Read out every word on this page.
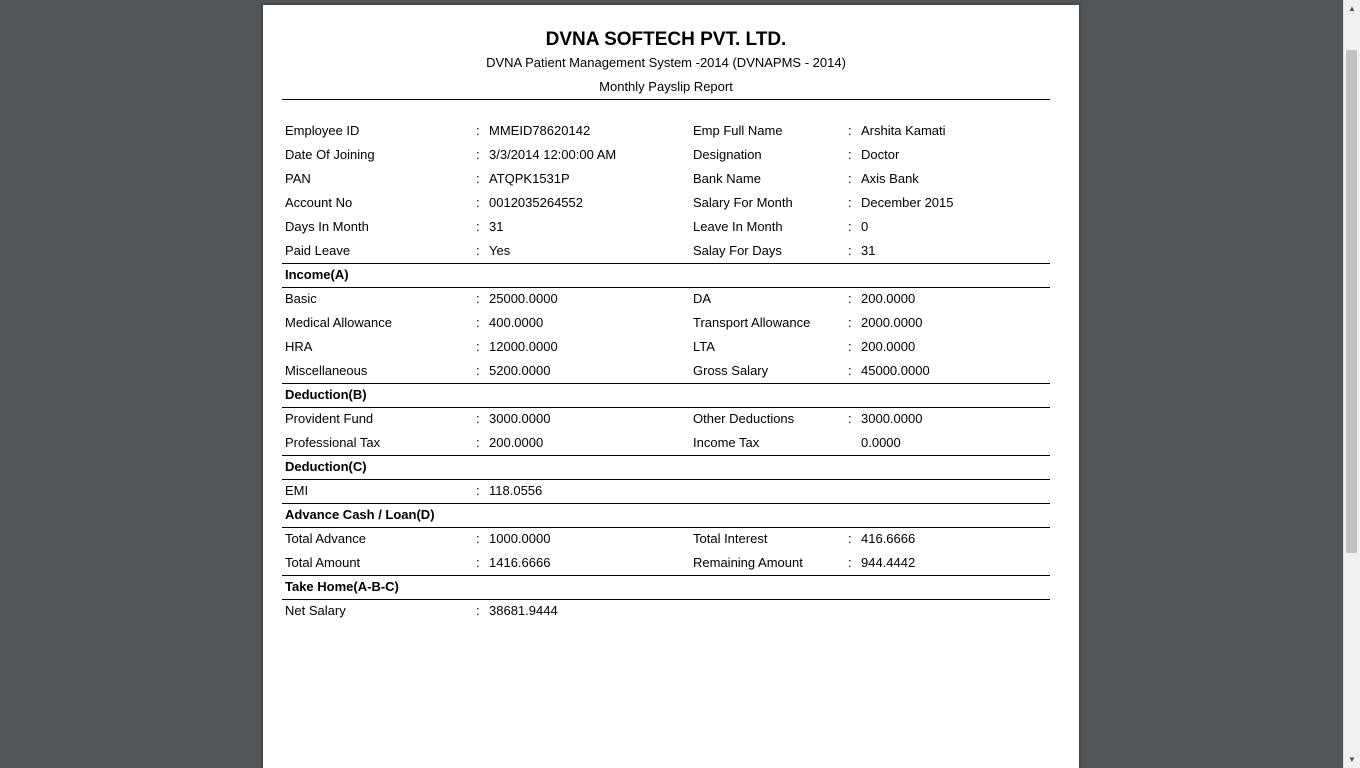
DVNA SOFTECH PVT. LTD.
DVNA Patient Management System -2014 (DVNAPMS - 2014)
Monthly Payslip Report
Employee ID	: MMEID78620142	Emp Full Name	: Arshita Kamati
Date Of Joining	: 3/3/2014 12:00:00 AM	Designation	: Doctor
PAN	: ATQPK1531P	Bank Name	: Axis Bank
Account No	: 0012035264552	Salary For Month	: December 2015
Days In Month	: 31	Leave In Month	: 0
Paid Leave	: Yes	Salay For Days	: 31
Income(A)
Basic	: 25000.0000	DA	: 200.0000
Medical Allowance	: 400.0000	Transport Allowance	: 2000.0000
HRA	: 12000.0000	LTA	: 200.0000
Miscellaneous	: 5200.0000	Gross Salary	: 45000.0000
Deduction(B)
Provident Fund	: 3000.0000	Other Deductions	: 3000.0000
Professional Tax	: 200.0000	Income Tax	0.0000
Deduction(C)
EMI	: 118.0556
Advance Cash / Loan(D)
Total Advance	: 1000.0000	Total Interest	: 416.6666
Total Amount	: 1416.6666	Remaining Amount	: 944.4442
Take Home(A-B-C)
Net Salary	: 38681.9444
▲
▼
